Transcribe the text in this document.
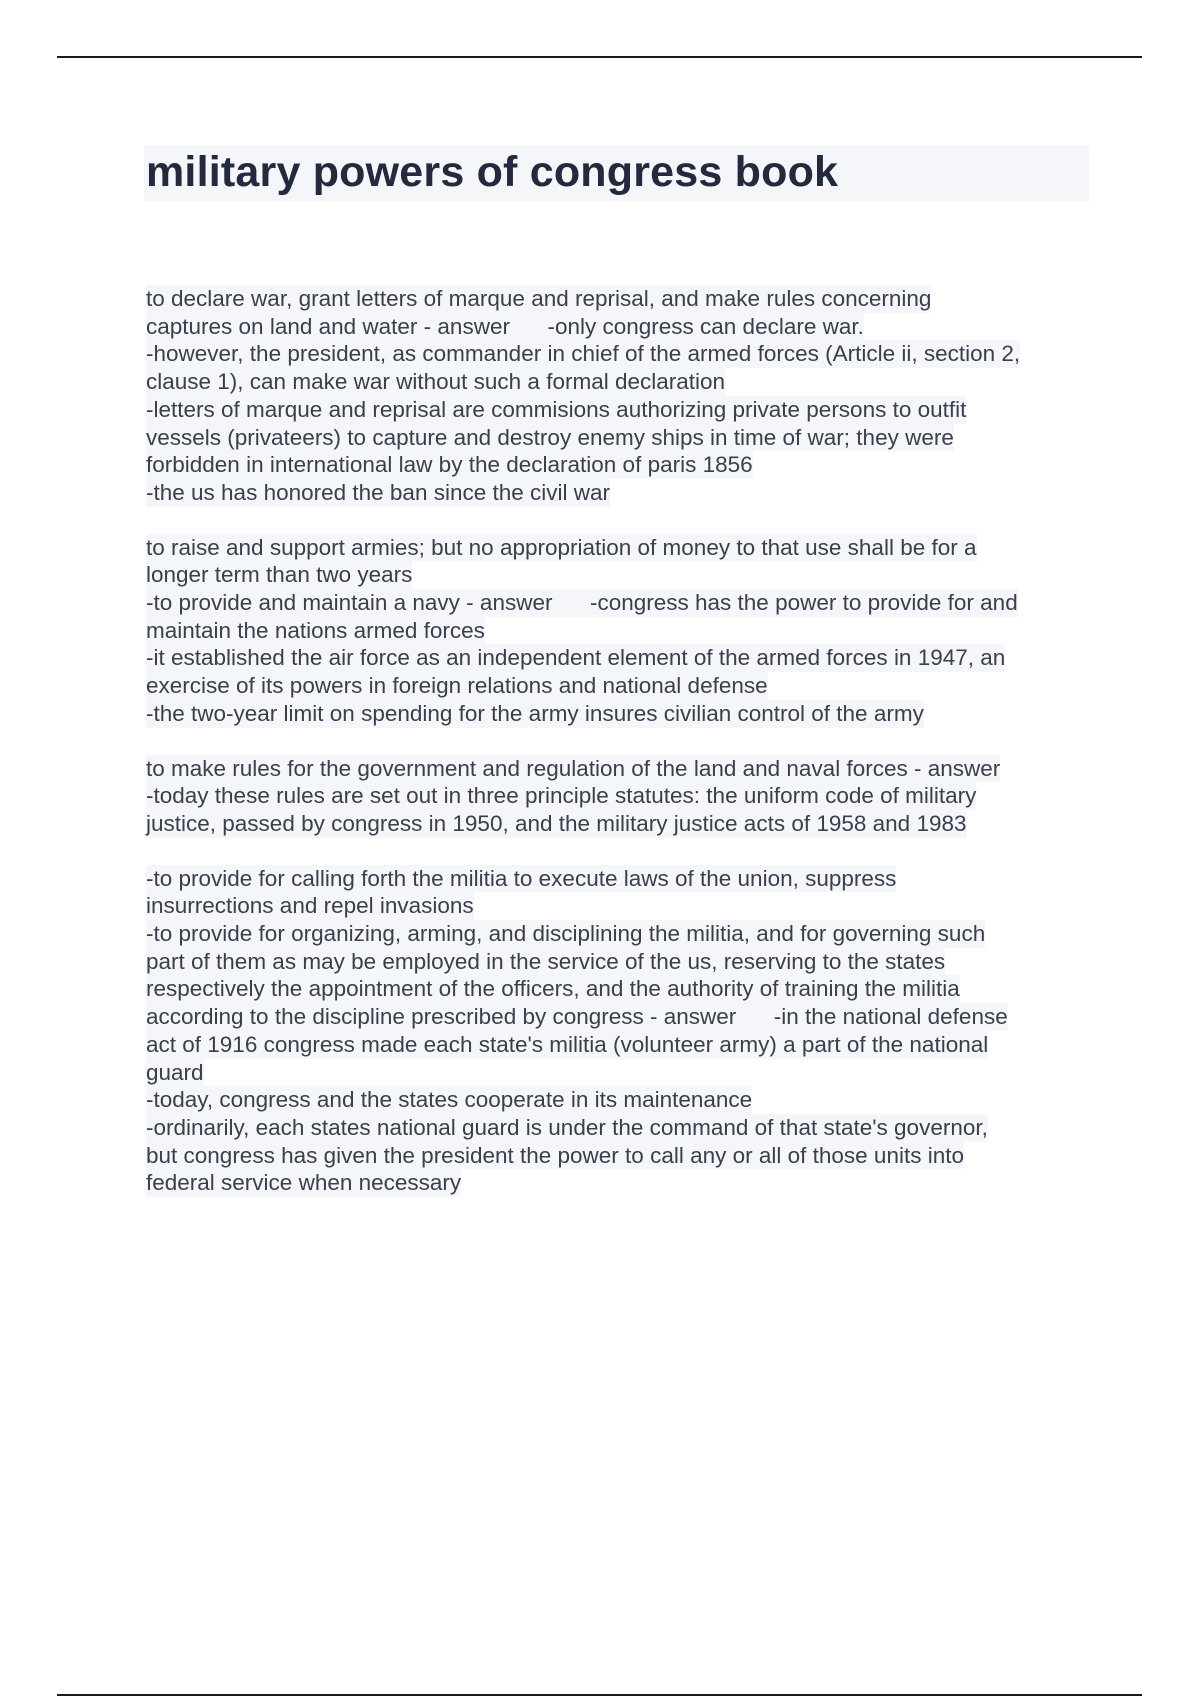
military powers of congress book
to declare war, grant letters of marque and reprisal, and make rules concerning
captures on land and water - answer      -only congress can declare war.
-however, the president, as commander in chief of the armed forces (Article ii, section 2,
clause 1), can make war without such a formal declaration
-letters of marque and reprisal are commisions authorizing private persons to outfit
vessels (privateers) to capture and destroy enemy ships in time of war; they were
forbidden in international law by the declaration of paris 1856
-the us has honored the ban since the civil war
to raise and support armies; but no appropriation of money to that use shall be for a
longer term than two years
-to provide and maintain a navy - answer      -congress has the power to provide for and
maintain the nations armed forces
-it established the air force as an independent element of the armed forces in 1947, an
exercise of its powers in foreign relations and national defense
-the two-year limit on spending for the army insures civilian control of the army
to make rules for the government and regulation of the land and naval forces - answer
-today these rules are set out in three principle statutes: the uniform code of military
justice, passed by congress in 1950, and the military justice acts of 1958 and 1983
-to provide for calling forth the militia to execute laws of the union, suppress
insurrections and repel invasions
-to provide for organizing, arming, and disciplining the militia, and for governing such
part of them as may be employed in the service of the us, reserving to the states
respectively the appointment of the officers, and the authority of training the militia
according to the discipline prescribed by congress - answer      -in the national defense
act of 1916 congress made each state's militia (volunteer army) a part of the national
guard
-today, congress and the states cooperate in its maintenance
-ordinarily, each states national guard is under the command of that state's governor,
but congress has given the president the power to call any or all of those units into
federal service when necessary
